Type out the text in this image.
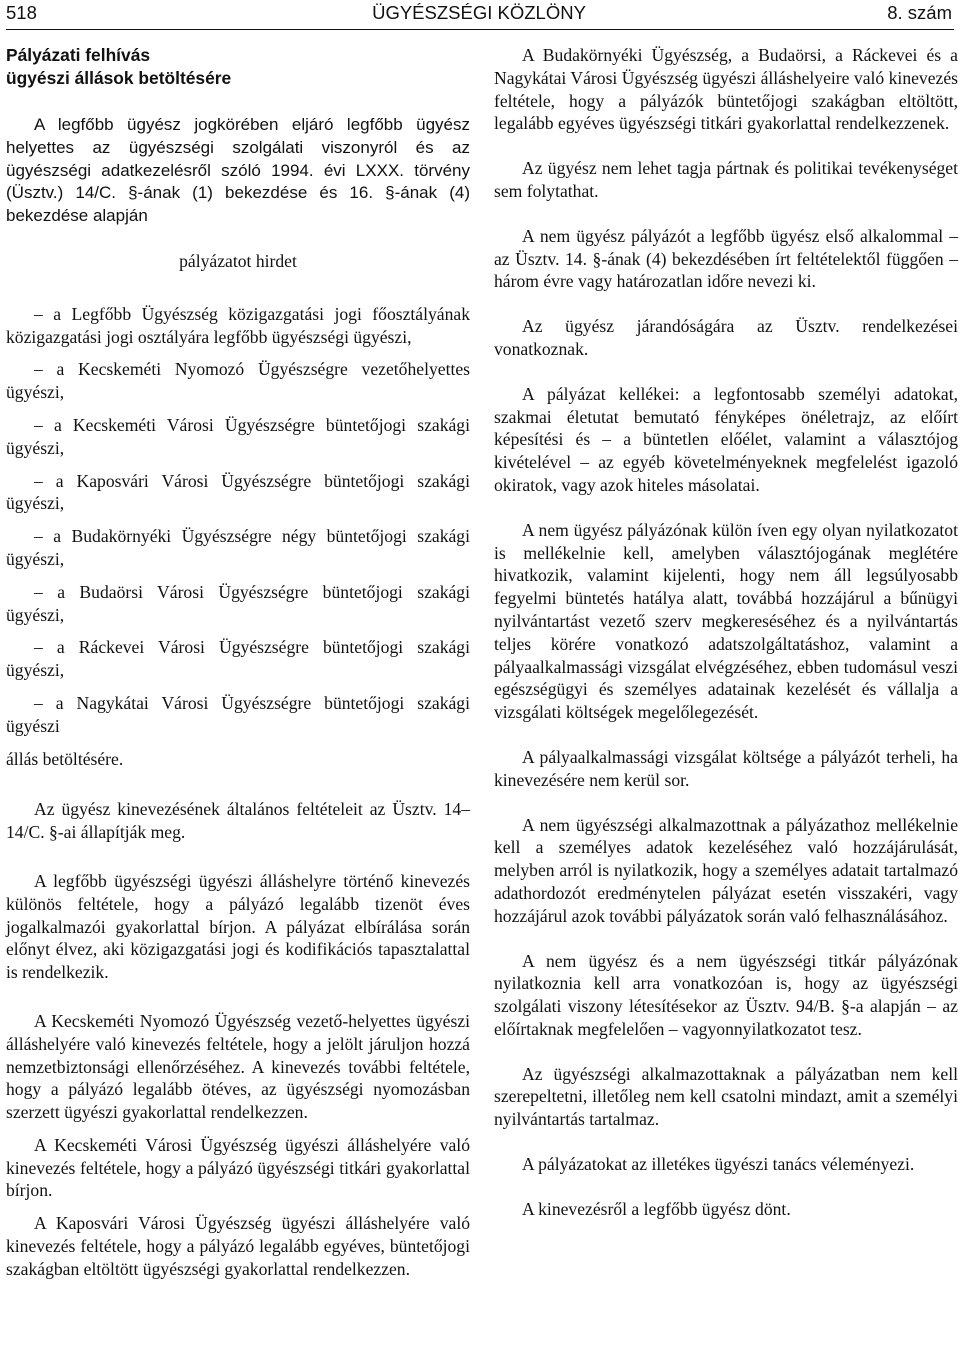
518	ÜGYÉSZSÉGI KÖZLÖNY	8. szám

Pályázati felhívás

ügyészi állások betöltésére

A legfőbb ügyész jogkörében eljáró legfőbb ügyész helyettes az ügyészségi szolgálati viszonyról és az ügyészségi adatkezelésről szóló 1994. évi LXXX. törvény (Üsztv.) 14/C. §-ának (1) bekezdése és 16. §-ának (4) bekezdése alapján

pályázatot hirdet

– a Legfőbb Ügyészség közigazgatási jogi főosztályának közigazgatási jogi osztályára legfőbb ügyészségi ügyészi,

– a Kecskeméti Nyomozó Ügyészségre vezetőhelyettes ügyészi,

– a Kecskeméti Városi Ügyészségre büntetőjogi szakági ügyészi,

– a Kaposvári Városi Ügyészségre büntetőjogi szakági ügyészi,

– a Budakörnyéki Ügyészségre négy büntetőjogi szakági ügyészi,

– a Budaörsi Városi Ügyészségre büntetőjogi szakági ügyészi,

– a Ráckevei Városi Ügyészségre büntetőjogi szakági ügyészi,

– a Nagykátai Városi Ügyészségre büntetőjogi szakági ügyészi

állás betöltésére.

Az ügyész kinevezésének általános feltételeit az Üsztv. 14–14/C. §-ai állapítják meg.

A legfőbb ügyészségi ügyészi álláshelyre történő kinevezés különös feltétele, hogy a pályázó legalább tizenöt éves jogalkalmazói gyakorlattal bírjon. A pályázat elbírálása során előnyt élvez, aki közigazgatási jogi és kodifikációs tapasztalattal is rendelkezik.

A Kecskeméti Nyomozó Ügyészség vezető-helyettes ügyészi álláshelyére való kinevezés feltétele, hogy a jelölt járuljon hozzá nemzetbiztonsági ellenőrzéséhez. A kinevezés további feltétele, hogy a pályázó legalább ötéves, az ügyészségi nyomozásban szerzett ügyészi gyakorlattal rendelkezzen.

A Kecskeméti Városi Ügyészség ügyészi álláshelyére való kinevezés feltétele, hogy a pályázó ügyészségi titkári gyakorlattal bírjon.

A Kaposvári Városi Ügyészség ügyészi álláshelyére való kinevezés feltétele, hogy a pályázó legalább egyéves, büntetőjogi szakágban eltöltött ügyészségi gyakorlattal rendelkezzen.

A Budakörnyéki Ügyészség, a Budaörsi, a Ráckevei és a Nagykátai Városi Ügyészség ügyészi álláshelyeire való kinevezés feltétele, hogy a pályázók büntetőjogi szakágban eltöltött, legalább egyéves ügyészségi titkári gyakorlattal rendelkezzenek.

Az ügyész nem lehet tagja pártnak és politikai tevékenységet sem folytathat.

A nem ügyész pályázót a legfőbb ügyész első alkalommal – az Üsztv. 14. §-ának (4) bekezdésében írt feltételektől függően – három évre vagy határozatlan időre nevezi ki.

Az ügyész járandóságára az Üsztv. rendelkezései vonatkoznak.

A pályázat kellékei: a legfontosabb személyi adatokat, szakmai életutat bemutató fényképes önéletrajz, az előírt képesítési és – a büntetlen előélet, valamint a választójog kivételével – az egyéb követelményeknek megfelelést igazoló okiratok, vagy azok hiteles másolatai.

A nem ügyész pályázónak külön íven egy olyan nyilatkozatot is mellékelnie kell, amelyben választójogának meglétére hivatkozik, valamint kijelenti, hogy nem áll legsúlyosabb fegyelmi büntetés hatálya alatt, továbbá hozzájárul a bűnügyi nyilvántartást vezető szerv megkereséséhez és a nyilvántartás teljes körére vonatkozó adatszolgáltatáshoz, valamint a pályaalkalmassági vizsgálat elvégzéséhez, ebben tudomásul veszi egészségügyi és személyes adatainak kezelését és vállalja a vizsgálati költségek megelőlegezését.

A pályaalkalmassági vizsgálat költsége a pályázót terheli, ha kinevezésére nem kerül sor.

A nem ügyészségi alkalmazottnak a pályázathoz mellékelnie kell a személyes adatok kezeléséhez való hozzájárulását, melyben arról is nyilatkozik, hogy a személyes adatait tartalmazó adathordozót eredménytelen pályázat esetén visszakéri, vagy hozzájárul azok további pályázatok során való felhasználásához.

A nem ügyész és a nem ügyészségi titkár pályázónak nyilatkoznia kell arra vonatkozóan is, hogy az ügyészségi szolgálati viszony létesítésekor az Üsztv. 94/B. §-a alapján – az előírtaknak megfelelően – vagyonnyilatkozatot tesz.

Az ügyészségi alkalmazottaknak a pályázatban nem kell szerepeltetni, illetőleg nem kell csatolni mindazt, amit a személyi nyilvántartás tartalmaz.

A pályázatokat az illetékes ügyészi tanács véleményezi.

A kinevezésről a legfőbb ügyész dönt.
